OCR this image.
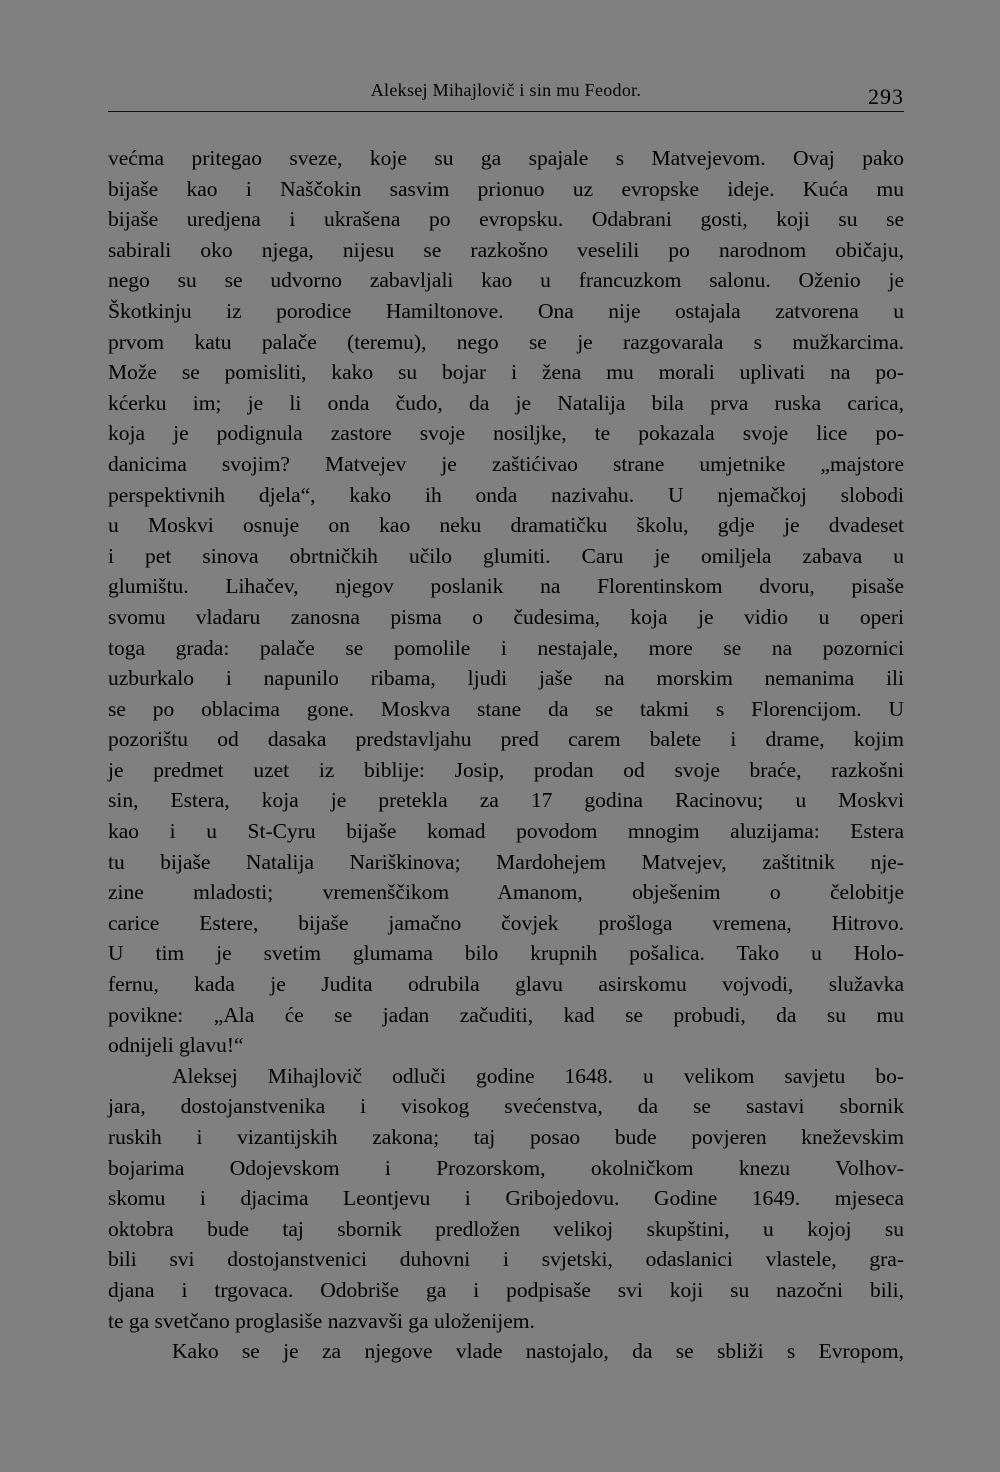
Aleksej Mihajlovič i sin mu Feodor.	293
većma pritegao sveze, koje su ga spajale s Matvejevom. Ovaj pako
bijaše kao i Naščokin sasvim prionuo uz evropske ideje. Kuća mu
bijaše uredjena i ukrašena po evropsku. Odabrani gosti, koji su se
sabirali oko njega, nijesu se razkošno veselili po narodnom običaju,
nego su se udvorno zabavljali kao u francuzkom salonu. Oženio je
Škotkinju iz porodice Hamiltonove. Ona nije ostajala zatvorena u
prvom katu palače (teremu), nego se je razgovarala s mužkarcima.
Može se pomisliti, kako su bojar i žena mu morali uplivati na po-
kćerku im; je li onda čudo, da je Natalija bila prva ruska carica,
koja je podignula zastore svoje nosiljke, te pokazala svoje lice po-
danicima svojim? Matvejev je zaštićivao strane umjetnike „majstore
perspektivnih djela“, kako ih onda nazivahu. U njemačkoj slobodi
u Moskvi osnuje on kao neku dramatičku školu, gdje je dvadeset
i pet sinova obrtničkih učilo glumiti. Caru je omiljela zabava u
glumištu. Lihačev, njegov poslanik na Florentinskom dvoru, pisaše
svomu vladaru zanosna pisma o čudesima, koja je vidio u operi
toga grada: palače se pomolile i nestajale, more se na pozornici
uzburkalo i napunilo ribama, ljudi jaše na morskim nemanima ili
se po oblacima gone. Moskva stane da se takmi s Florencijom. U
pozorištu od dasaka predstavljahu pred carem balete i drame, kojim
je predmet uzet iz biblije: Josip, prodan od svoje braće, razkošni
sin, Estera, koja je pretekla za 17 godina Racinovu; u Moskvi
kao i u St-Cyru bijaše komad povodom mnogim aluzijama: Estera
tu bijaše Natalija Nariškinova; Mardohejem Matvejev, zaštitnik nje-
zine mladosti; vremenščikom Amanom, obješenim o čelobitje
carice Estere, bijaše jamačno čovjek prošloga vremena, Hitrovo.
U tim je svetim glumama bilo krupnih pošalica. Tako u Holo-
fernu, kada je Judita odrubila glavu asirskomu vojvodi, služavka
povikne: „Ala će se jadan začuditi, kad se probudi, da su mu
odnijeli glavu!“
Aleksej Mihajlovič odluči godine 1648. u velikom savjetu bo-
jara, dostojanstvenika i visokog svećenstva, da se sastavi sbornik
ruskih i vizantijskih zakona; taj posao bude povjeren kneževskim
bojarima Odojevskom i Prozorskom, okolničkom knezu Volhov-
skomu i djacima Leontjevu i Gribojedovu. Godine 1649. mjeseca
oktobra bude taj sbornik predložen velikoj skupštini, u kojoj su
bili svi dostojanstvenici duhovni i svjetski, odaslanici vlastele, gra-
djana i trgovaca. Odobriše ga i podpisaše svi koji su nazočni bili,
te ga svetčano proglasiše nazvavši ga uloženijem.
Kako se je za njegove vlade nastojalo, da se sbliži s Evropom,
